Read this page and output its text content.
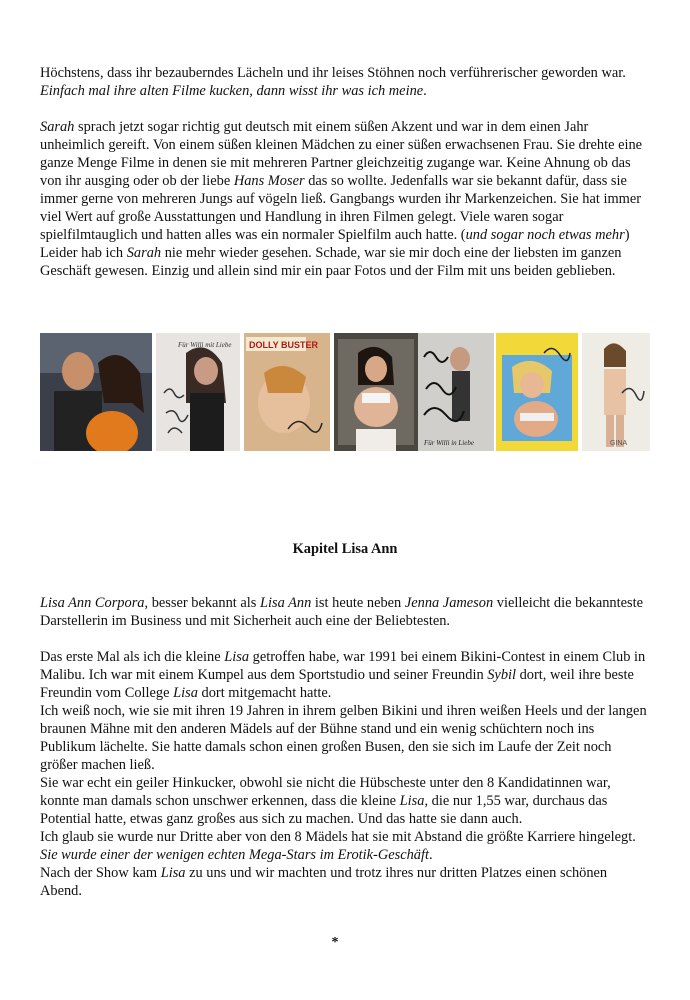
Höchstens, dass ihr bezauberndes Lächeln und ihr leises Stöhnen noch verführerischer geworden war. Einfach mal ihre alten Filme kucken, dann wisst ihr was ich meine.

Sarah sprach jetzt sogar richtig gut deutsch mit einem süßen Akzent und war in dem einen Jahr unheimlich gereift. Von einem süßen kleinen Mädchen zu einer süßen erwachsenen Frau. Sie drehte eine ganze Menge Filme in denen sie mit mehreren Partner gleichzeitig zugange war. Keine Ahnung ob das von ihr ausging oder ob der liebe Hans Moser das so wollte. Jedenfalls war sie bekannt dafür, dass sie immer gerne von mehreren Jungs auf vögeln ließ. Gangbangs wurden ihr Markenzeichen. Sie hat immer viel Wert auf große Ausstattungen und Handlung in ihren Filmen gelegt. Viele waren sogar spielfilmtauglich und hatten alles was ein normaler Spielfilm auch hatte. (und sogar noch etwas mehr)

Leider hab ich Sarah nie mehr wieder gesehen. Schade, war sie mir doch eine der liebsten im ganzen Geschäft gewesen. Einzig und allein sind mir ein paar Fotos und der Film mit uns beiden geblieben.

Für Willi mit Liebe DOLLY BUSTER
Für Willi in Liebe	GINA
Kapitel Lisa Ann

Lisa Ann Corpora, besser bekannt als Lisa Ann ist heute neben Jenna Jameson vielleicht die bekannteste Darstellerin im Business und mit Sicherheit auch eine der Beliebtesten.

Das erste Mal als ich die kleine Lisa getroffen habe, war 1991 bei einem Bikini-Contest in einem Club in Malibu. Ich war mit einem Kumpel aus dem Sportstudio und seiner Freundin Sybil dort, weil ihre beste Freundin vom College Lisa dort mitgemacht hatte.

Ich weiß noch, wie sie mit ihren 19 Jahren in ihrem gelben Bikini und ihren weißen Heels und der langen braunen Mähne mit den anderen Mädels auf der Bühne stand und ein wenig schüchtern noch ins Publikum lächelte. Sie hatte damals schon einen großen Busen, den sie sich im Laufe der Zeit noch größer machen ließ.

Sie war echt ein geiler Hinkucker, obwohl sie nicht die Hübscheste unter den 8 Kandidatinnen war, konnte man damals schon unschwer erkennen, dass die kleine Lisa, die nur 1,55 war, durchaus das Potential hatte, etwas ganz großes aus sich zu machen. Und das hatte sie dann auch.

Ich glaub sie wurde nur Dritte aber von den 8 Mädels hat sie mit Abstand die größte Karriere hingelegt. Sie wurde einer der wenigen echten Mega-Stars im Erotik-Geschäft.

Nach der Show kam Lisa zu uns und wir machten und trotz ihres nur dritten Platzes einen schönen Abend.

*
